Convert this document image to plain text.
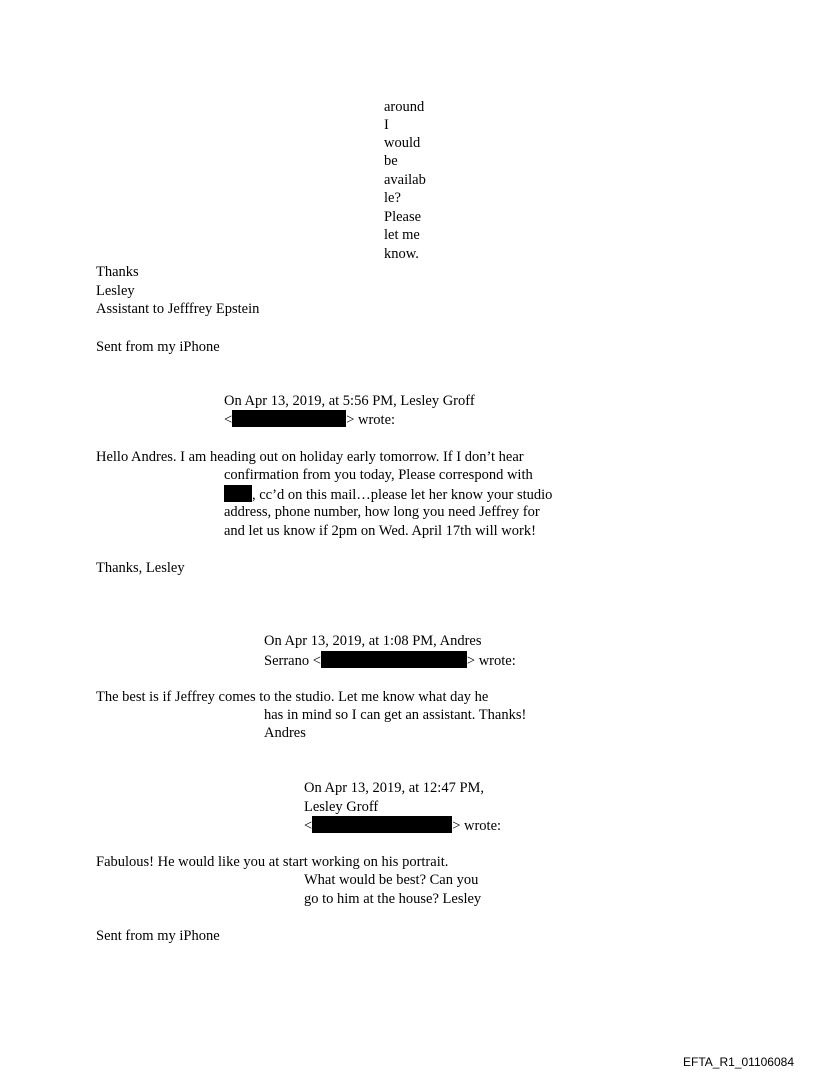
around

I

would

be

availab

le?

Please

let me

know.

Thanks

Lesley

Assistant to Jefffrey Epstein

Sent from my iPhone

On Apr 13, 2019, at 5:56 PM, Lesley Groff

<	> wrote:

Hello Andres. I am heading out on holiday early tomorrow. If I don’t hear

confirmation from you today, Please correspond with

, cc’d on this mail…please let her know your studio

address, phone number, how long you need Jeffrey for

and let us know if 2pm on Wed. April 17th will work!

Thanks, Lesley

On Apr 13, 2019, at 1:08 PM, Andres

Serrano <	> wrote:

The best is if Jeffrey comes to the studio. Let me know what day he

has in mind so I can get an assistant. Thanks!

Andres

On Apr 13, 2019, at 12:47 PM,

Lesley Groff

<	> wrote:

Fabulous! He would like you at start working on his portrait.

What would be best? Can you

go to him at the house? Lesley

Sent from my iPhone

EFTA_R1_01106084
